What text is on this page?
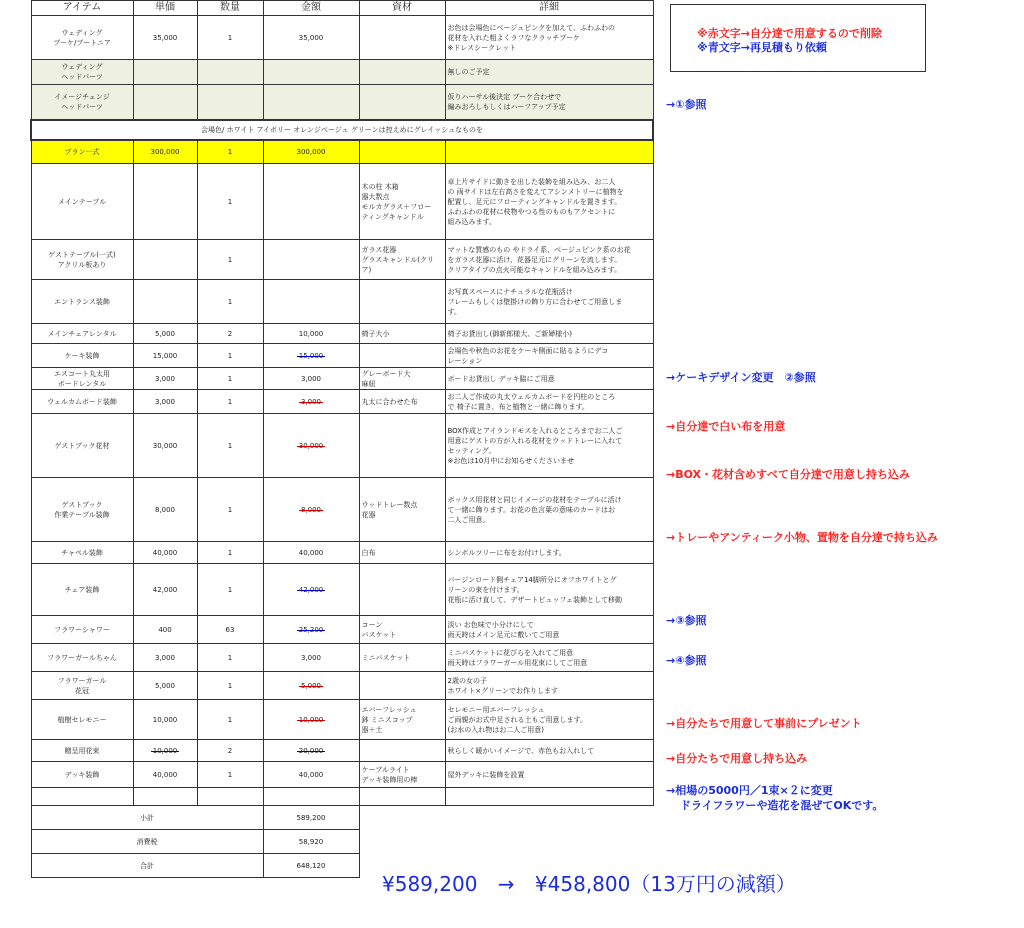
アイテム	単価	数量	金額	資材	詳細
ウェディング
ブーケ/ブートニア	35,000	1	35,000		お色は会場色にベージュピンクを加えて、ふわふわの
花材を入れた粗よくラフなクラッチブーケ
※ドレスシークレット
ウェディング
ヘッドパーツ					無しのご予定
イメージチェンジ
ヘッドパーツ					仮りハーサル後決定 ブーケ合わせで
編みおろしもしくはハーフアップ予定
会場色/ ホワイト アイボリー オレンジベージュ グリーンは控えめにグレイッシュなものを					
プラン一式	300,000	1	300,000		
メインテーブル		1		木の柱 木箱
器大数点
モルカグラス＋フロー
ティングキャンドル	卓上片サイドに動きを出した装飾を組み込み、お二人
の 両サイドは左右高さを変えてアシンメトリーに植物を
配置し、足元にフローティングキャンドルを置きます。
ふわふわの花材に枝物やつる性のものもアクセントに
組み込みます。
ゲストテーブル(一式)
アクリル板あり		1		ガラス花器
グラスキャンドル(クリア)	マットな質感のもの やドライ系、ベージュピンク系のお花
をガラス花器に活け、花器足元にグリーンを流します。
クリアタイプの点火可能なキャンドルを組み込みます。
エントランス装飾		1			お写真スペースにナチュラルな花瓶活け
フレームもしくは壁掛けの飾り方に合わせてご用意しま
す。
メインチェアレンタル	5,000	2	10,000	椅子大小	椅子お貸出し(御新郎様大、ご新婦様小)
ケーキ装飾	15,000	1	15,000		会場色や秋色のお花をケーキ側面に貼るようにデコ
レーション
エスコート丸太用
ボードレンタル	3,000	1	3,000	グレーボード大
麻紐	ボードお貸出し デッキ脇にご用意
ウェルカムボード装飾	3,000	1	3,000	丸太に合わせた布	お二人ご作成の丸太ウェルカムボードを円柱のところ
で 椅子に置き、布と植物と一緒に飾ります。
ゲストブック花材	30,000	1	30,000		BOX作成とアイランドモスを入れるところまでお二人ご
用意にゲストの方が入れる花材をウッドトレーに入れて
セッティング。
※お色は10月中にお知らせくださいませ
ゲストブック
作業テーブル装飾	8,000	1	8,000	ウッドトレー数点
花器	ボックス用花材と同じイメージの花材をテーブルに活け
て一緒に飾ります。お花の色言葉の意味のカードはお
二人ご用意。
チャペル装飾	40,000	1	40,000	白布	シンボルツリーに布をお付けします。
チェア装飾	42,000	1	42,000		バージンロード側チェア14脚所分にオフホワイトとグ
リーンの束を付けます。
花瓶に活け直して、デザートビュッフェ装飾として移動
フラワーシャワー	400	63	25,200	コーン
バスケット	淡い お色味で小分けにして
雨天時はメイン足元に敷いてご用意
フラワーガールちゃん	3,000	1	3,000	ミニバスケット	ミニバスケットに花びらを入れてご用意
雨天時はフラワーガール用花束にしてご用意
フラワーガール
花冠	5,000	1	5,000		2歳の女の子
ホワイト×グリーンでお作りします
植樹セレモニー	10,000	1	10,000	エバーフレッシュ
鉢 ミニスコップ
器＋土	セレモニー用エバーフレッシュ
ご両親がお式中足される土もご用意します。
(お水の入れ物はお二人ご用意)
贈呈用花束	10,000	2	20,000		秋らしく暖かいイメージで、赤色もお入れして
デッキ装飾	40,000	1	40,000	ケーブルライト
デッキ装飾用の棒	屋外デッキに装飾を設置

小計			589,200		
消費税			58,920		
合計			648,120		
※赤文字→自分達で用意するので削除
※青文字→再見積もり依頼
→①参照
→ケーキデザイン変更　②参照
→自分達で白い布を用意
→BOX・花材含めすべて自分達で用意し持ち込み
→トレーやアンティーク小物、置物を自分達で持ち込み
→③参照
→④参照
→自分たちで用意して事前にプレゼント
→自分たちで用意し持ち込み
→相場の5000円／1束×２に変更
ドライフラワーや造花を混ぜてOKです。
¥589,200 → ¥458,800（13万円の減額）
